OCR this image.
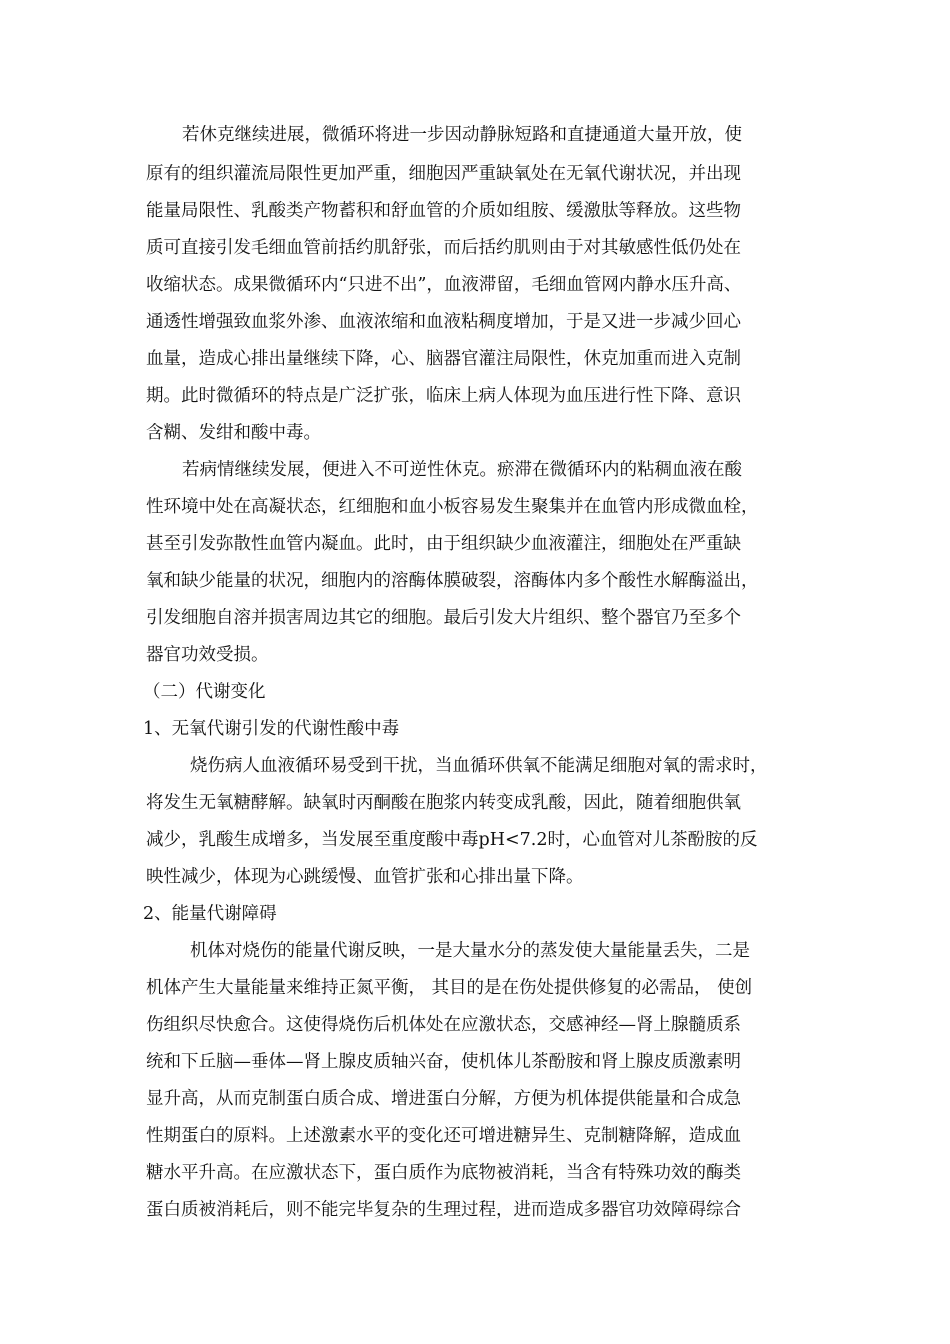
若休克继续进展，微循环将进一步因动静脉短路和直捷通道大量开放，使
原有的组织灌流局限性更加严重，细胞因严重缺氧处在无氧代谢状况，并出现
能量局限性、乳酸类产物蓄积和舒血管的介质如组胺、缓激肽等释放。这些物
质可直接引发毛细血管前括约肌舒张，而后括约肌则由于对其敏感性低仍处在
收缩状态。成果微循环内“只进不出”，血液滞留，毛细血管网内静水压升高、
通透性增强致血浆外渗、血液浓缩和血液粘稠度增加，于是又进一步减少回心
血量，造成心排出量继续下降，心、脑器官灌注局限性，休克加重而进入克制
期。此时微循环的特点是广泛扩张，临床上病人体现为血压进行性下降、意识
含糊、发绀和酸中毒。
若病情继续发展，便进入不可逆性休克。瘀滞在微循环内的粘稠血液在酸
性环境中处在高凝状态，红细胞和血小板容易发生聚集并在血管内形成微血栓，
甚至引发弥散性血管内凝血。此时，由于组织缺少血液灌注，细胞处在严重缺
氧和缺少能量的状况，细胞内的溶酶体膜破裂，溶酶体内多个酸性水解酶溢出，
引发细胞自溶并损害周边其它的细胞。最后引发大片组织、整个器官乃至多个
器官功效受损。
（二）代谢变化
1、无氧代谢引发的代谢性酸中毒
烧伤病人血液循环易受到干扰，当血循环供氧不能满足细胞对氧的需求时，
将发生无氧糖酵解。缺氧时丙酮酸在胞浆内转变成乳酸，因此，随着细胞供氧
减少，乳酸生成增多，当发展至重度酸中毒pH<7.2时，心血管对儿茶酚胺的反
映性减少，体现为心跳缓慢、血管扩张和心排出量下降。
2、能量代谢障碍
机体对烧伤的能量代谢反映，一是大量水分的蒸发使大量能量丢失，二是
机体产生大量能量来维持正氮平衡， 其目的是在伤处提供修复的必需品， 使创
伤组织尽快愈合。这使得烧伤后机体处在应激状态，交感神经—肾上腺髓质系
统和下丘脑—垂体—肾上腺皮质轴兴奋，使机体儿茶酚胺和肾上腺皮质激素明
显升高，从而克制蛋白质合成、增进蛋白分解，方便为机体提供能量和合成急
性期蛋白的原料。上述激素水平的变化还可增进糖异生、克制糖降解，造成血
糖水平升高。在应激状态下，蛋白质作为底物被消耗，当含有特殊功效的酶类
蛋白质被消耗后，则不能完毕复杂的生理过程，进而造成多器官功效障碍综合
